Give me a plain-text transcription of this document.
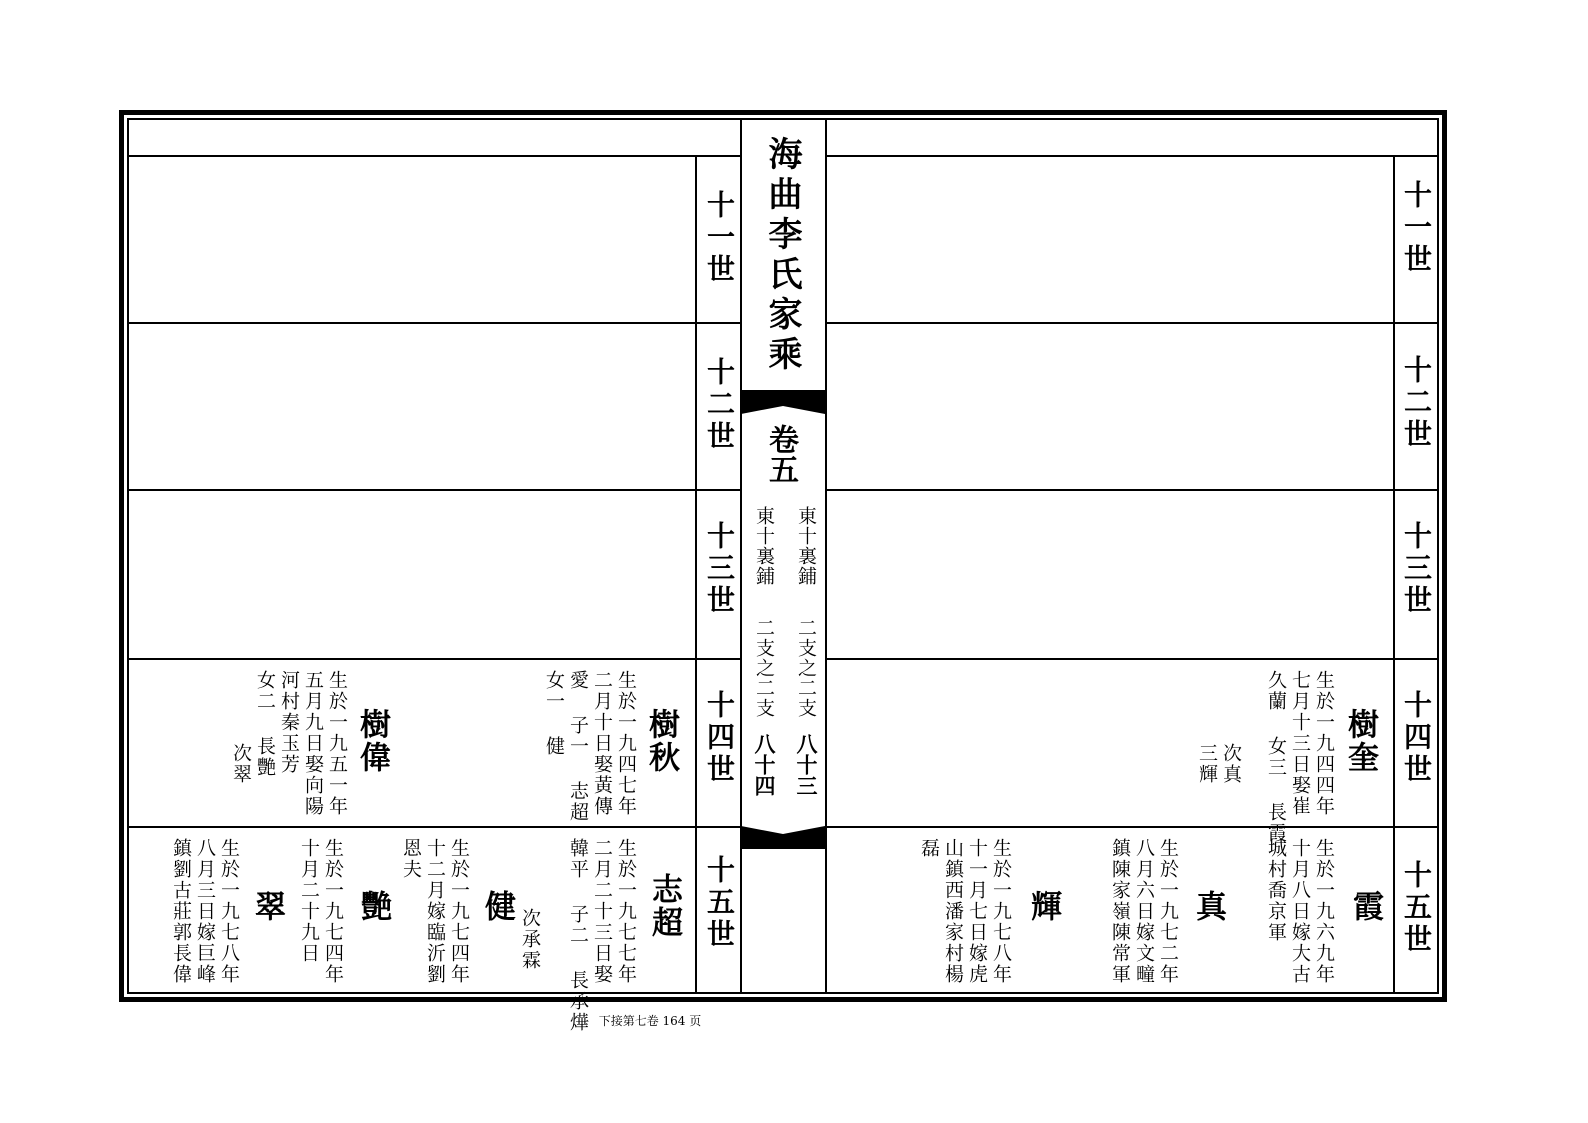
海曲李氏家乘
卷五
東十裏鋪
東十裏鋪
二支之二支
二支之二支
八十三
八十四
十一世
十二世
十三世
十四世
十五世
十一世
十二世
十三世
十四世
十五世
樹秋
生於一九四七年
二月十日娶黃傳
愛 子一 志超
女一 健
樹偉
生於一九五一年
五月九日娶向陽
河村秦玉芳
女二 長艷
次翠
志超
生於一九七七年
二月二十三日娶
韓平 子二 長承燁
次承霖
健
生於一九七四年
十二月嫁臨沂劉
恩夫
艷
生於一九七四年
十月二十九日
翠
生於一九七八年
八月三日嫁巨峰
鎮劉古莊郭長偉
樹奎
生於一九四四年
七月十三日娶崔
久蘭 女三 長霞
次真
三輝
霞
生於一九六九年
十月八日嫁大古
城村喬京軍
真
生於一九七二年
八月六日嫁文疃
鎮陳家嶺陳常軍
輝
生於一九七八年
十一月七日嫁虎
山鎮西潘家村楊
磊
下接第七卷 164 页
